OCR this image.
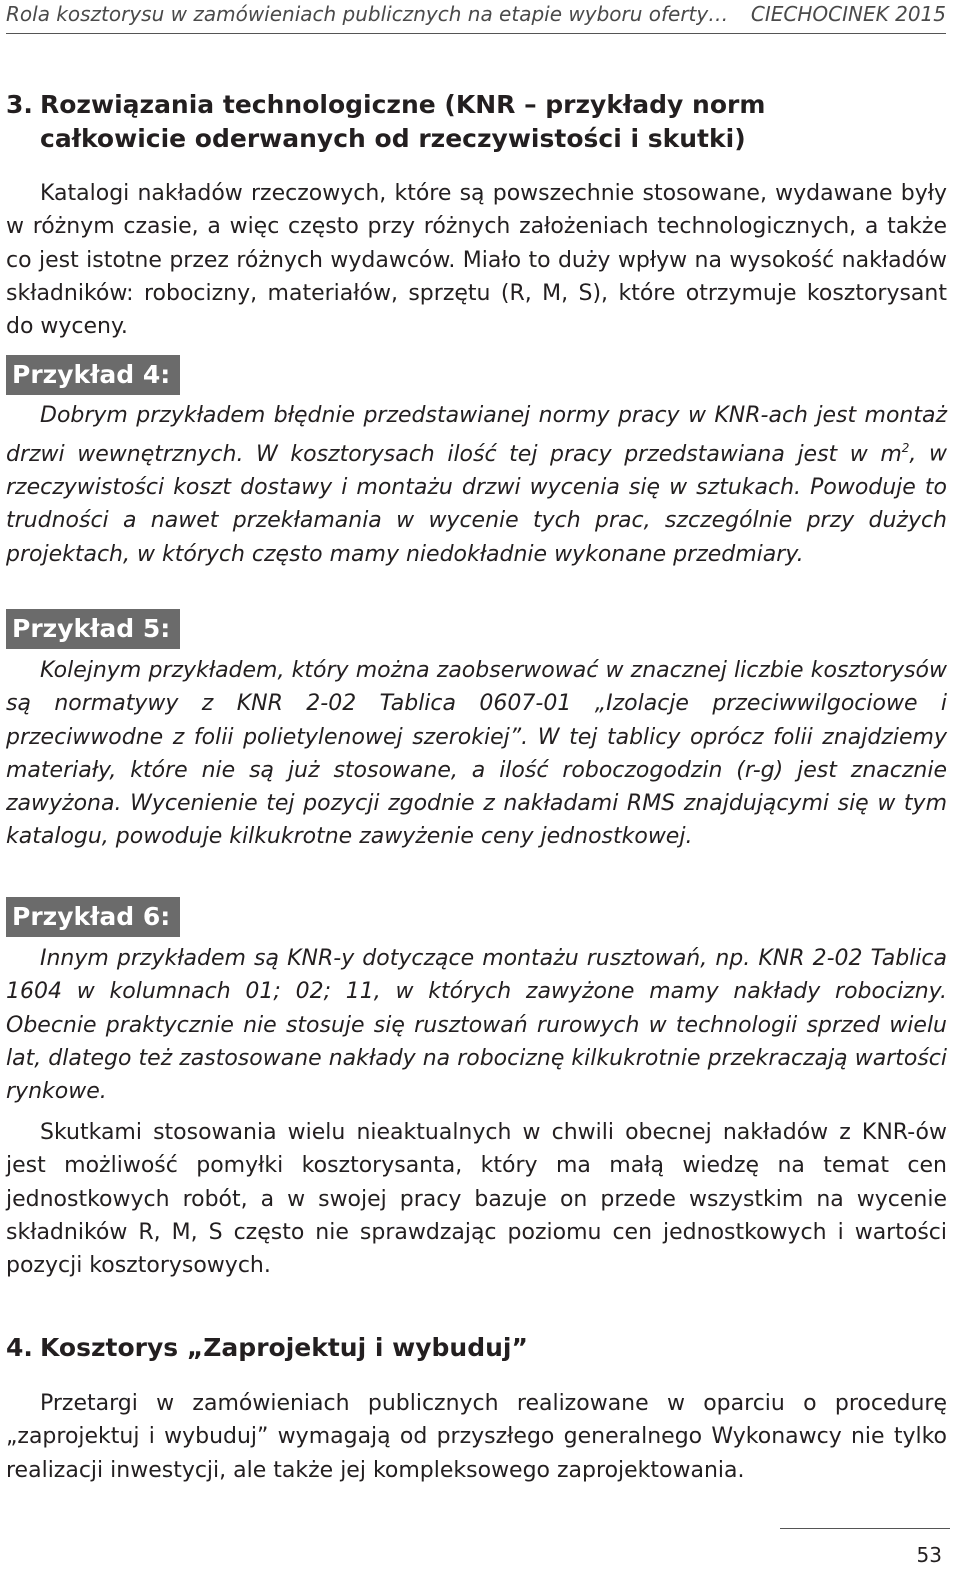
Rola kosztorysu w zamówieniach publicznych na etapie wyboru oferty… CIECHOCINEK 2015
3. Rozwiązania technologiczne (KNR – przykłady norm
całkowicie oderwanych od rzeczywistości i skutki)

Katalogi nakładów rzeczowych, które są powszechnie stosowane, wydawane były w różnym czasie, a więc często przy różnych założeniach technologicznych, a także co jest istotne przez różnych wydawców. Miało to duży wpływ na wysokość nakładów składników: robocizny, materiałów, sprzętu (R, M, S), które otrzymuje kosztorysant do wyceny.

Przykład 4:

Dobrym przykładem błędnie przedstawianej normy pracy w KNR-ach jest montaż drzwi wewnętrznych. W kosztorysach ilość tej pracy przedstawiana jest w $m^2$, w rzeczywistości koszt dostawy i montażu drzwi wycenia się w sztukach. Powoduje to trudności a nawet przekłamania w wycenie tych prac, szczególnie przy dużych projektach, w których często mamy niedokładnie wykonane przedmiary.

Przykład 5:

Kolejnym przykładem, który można zaobserwować w znacznej liczbie kosztorysów są normatywy z KNR 2-02 Tablica 0607-01 „Izolacje przeciwwilgociowe i przeciwwodne z folii polietylenowej szerokiej”. W tej tablicy oprócz folii znajdziemy materiały, które nie są już stosowane, a ilość roboczogodzin (r-g) jest znacznie zawyżona. Wycenienie tej pozycji zgodnie z nakładami RMS znajdującymi się w tym katalogu, powoduje kilkukrotne zawyżenie ceny jednostkowej.

Przykład 6:

Innym przykładem są KNR-y dotyczące montażu rusztowań, np. KNR 2-02 Tablica 1604 w kolumnach 01; 02; 11, w których zawyżone mamy nakłady robocizny. Obecnie praktycznie nie stosuje się rusztowań rurowych w technologii sprzed wielu lat, dlatego też zastosowane nakłady na robociznę kilkukrotnie przekraczają wartości rynkowe.

Skutkami stosowania wielu nieaktualnych w chwili obecnej nakładów z KNR-ów jest możliwość pomyłki kosztorysanta, który ma małą wiedzę na temat cen jednostkowych robót, a w swojej pracy bazuje on przede wszystkim na wycenie składników R, M, S często nie sprawdzając poziomu cen jednostkowych i wartości pozycji kosztorysowych.

4. Kosztorys „Zaprojektuj i wybuduj”

Przetargi w zamówieniach publicznych realizowane w oparciu o procedurę „zaprojektuj i wybuduj” wymagają od przyszłego generalnego Wykonawcy nie tylko realizacji inwestycji, ale także jej kompleksowego zaprojektowania.

53
